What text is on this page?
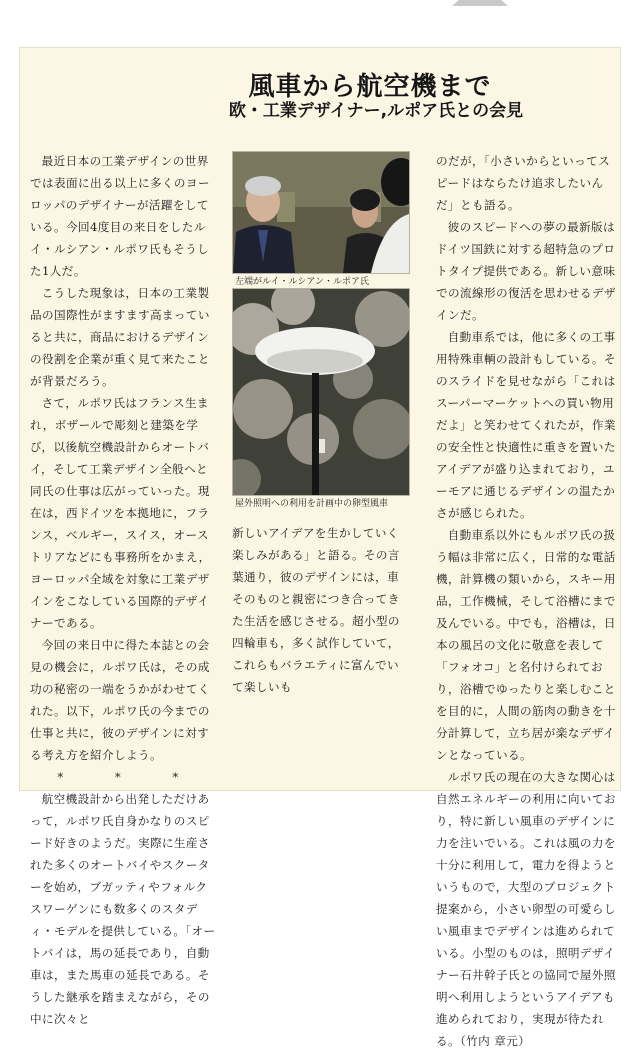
風車から航空機まで
欧・工業デザイナー,ルポア氏との会見

最近日本の工業デザインの世界では表面に出る以上に多くのヨーロッパのデザイナーが活躍をしている。今回4度目の来日をしたルイ・ルシアン・ルポワ氏もそうした1人だ。

こうした現象は，日本の工業製品の国際性がますます高まっていると共に，商品におけるデザインの役割を企業が重く見て来たことが背景だろう。

さて，ルポワ氏はフランス生まれ，ボザールで彫刻と建築を学び，以後航空機設計からオートバイ，そして工業デザイン全般へと同氏の仕事は広がっていった。現在は，西ドイツを本拠地に，フランス，ベルギー，スイス，オーストリアなどにも事務所をかまえ，ヨーロッパ全域を対象に工業デザインをこなしている国際的デザイナーである。

今回の来日中に得た本誌との会見の機会に，ルポワ氏は，その成功の秘密の一端をうかがわせてくれた。以下，ルポワ氏の今までの仕事と共に，彼のデザインに対する考え方を紹介しよう。

* * *

航空機設計から出発しただけあって，ルポワ氏自身かなりのスピード好きのようだ。実際に生産された多くのオートバイやスクーターを始め，ブガッティやフォルクスワーゲンにも数多くのスタディ・モデルを提供している。「オートバイは，馬の延長であり，自動車は，また馬車の延長である。そうした継承を踏まえながら，その中に次々と

左端がルイ・ルシアン・ルポア氏
屋外照明への利用を計画中の卵型風車

新しいアイデアを生かしていく楽しみがある」と語る。その言葉通り，彼のデザインには，車そのものと親密につき合ってきた生活を感じさせる。超小型の四輪車も，多く試作していて，これらもバラエティに富んでいて楽しいも

のだが，「小さいからといってスピードはならたけ追求したいんだ」とも語る。

彼のスピードへの夢の最新版はドイツ国鉄に対する超特急のプロトタイプ提供である。新しい意味での流線形の復活を思わせるデザインだ。

自動車系では，他に多くの工事用特殊車輌の設計もしている。そのスライドを見せながら「これはスーパーマーケットへの買い物用だよ」と笑わせてくれたが，作業の安全性と快適性に重きを置いたアイデアが盛り込まれており，ユーモアに通じるデザインの温たかさが感じられた。

自動車系以外にもルポワ氏の扱う幅は非常に広く，日常的な電話機，計算機の類いから，スキー用品，工作機械，そして浴槽にまで及んでいる。中でも，浴槽は，日本の風呂の文化に敬意を表して「フォオコ」と名付けられており，浴槽でゆったりと楽しむことを目的に，人間の筋肉の動きを十分計算して，立ち居が楽なデザインとなっている。

ルポワ氏の現在の大きな関心は自然エネルギーの利用に向いており，特に新しい風車のデザインに力を注いでいる。これは風の力を十分に利用して，電力を得ようというもので，大型のプロジェクト提案から，小さい卵型の可愛らしい風車までデザインは進められている。小型のものは，照明デザイナー石井幹子氏との協同で屋外照明へ利用しようというアイデアも進められており，実現が待たれる。（竹内 章元）
